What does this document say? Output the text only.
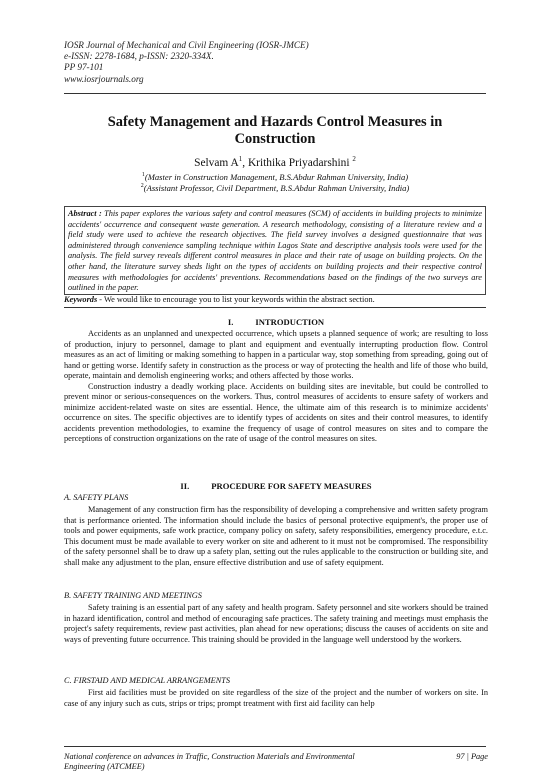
IOSR Journal of Mechanical and Civil Engineering (IOSR-JMCE)
e-ISSN: 2278-1684, p-ISSN: 2320-334X.
PP 97-101
www.iosrjournals.org
Safety Management and Hazards Control Measures in
Construction
Selvam $A^1$, Krithika Priyadarshini $^2$
$^1$(Master in Construction Management, B.S.Abdur Rahman University, India)
$^2$(Assistant Professor, Civil Department, B.S.Abdur Rahman University, India)
Abstract : This paper explores the various safety and control measures (SCM) of accidents in building projects to minimize accidents' occurrence and consequent waste generation. A research methodology, consisting of a literature review and a field study were used to achieve the research objectives. The field survey involves a designed questionnaire that was administered through convenience sampling technique within Lagos State and descriptive analysis tools were used for the analysis. The field survey reveals different control measures in place and their rate of usage on building projects. On the other hand, the literature survey sheds light on the types of accidents on building projects and their respective control measures with methodologies for accidents' preventions. Recommendations based on the findings of the two surveys are outlined in the paper.
Keywords - We would like to encourage you to list your keywords within the abstract section.
I.	INTRODUCTION
Accidents as an unplanned and unexpected occurrence, which upsets a planned sequence of work; are resulting to loss of production, injury to personnel, damage to plant and equipment and eventually interrupting production flow. Control measures as an act of limiting or making something to happen in a particular way, stop something from spreading, going out of hand or getting worse. Identify safety in construction as the process or way of protecting the health and life of those who build, operate, maintain and demolish engineering works; and others affected by those works.
Construction industry a deadly working place. Accidents on building sites are inevitable, but could be controlled to prevent minor or serious-consequences on the workers. Thus, control measures of accidents to ensure safety of workers and minimize accident-related waste on sites are essential. Hence, the ultimate aim of this research is to minimize accidents' occurrence on sites. The specific objectives are to identify types of accidents on sites and their control measures, to identify accidents prevention methodologies, to examine the frequency of usage of control measures on sites and to compare the perceptions of construction organizations on the rate of usage of the control measures on sites.
II.	PROCEDURE FOR SAFETY MEASURES
A. SAFETY PLANS
Management of any construction firm has the responsibility of developing a comprehensive and written safety program that is performance oriented. The information should include the basics of personal protective equipment's, the proper use of tools and power equipments, safe work practice, company policy on safety, safety responsibilities, emergency procedure, e.t.c. This document must be made available to every worker on site and adherent to it must not be compromised. The responsibility of the safety personnel shall be to draw up a safety plan, setting out the rules applicable to the construction or building site, and shall make any adjustment to the plan, ensure effective distribution and use of safety equipment.
B. SAFETY TRAINING AND MEETINGS
Safety training is an essential part of any safety and health program. Safety personnel and site workers should be trained in hazard identification, control and method of encouraging safe practices. The safety training and meetings must emphasis the project's safety requirements, review past activities, plan ahead for new operations; discuss the causes of accidents on site and ways of preventing future occurrence. This training should be provided in the language well understood by the workers.
C. FIRSTAID AND MEDICAL ARRANGEMENTS
First aid facilities must be provided on site regardless of the size of the project and the number of workers on site. In case of any injury such as cuts, strips or trips; prompt treatment with first aid facility can help
National conference on advances in Traffic, Construction Materials and Environmental Engineering (ATCMEE)
97 | Page
